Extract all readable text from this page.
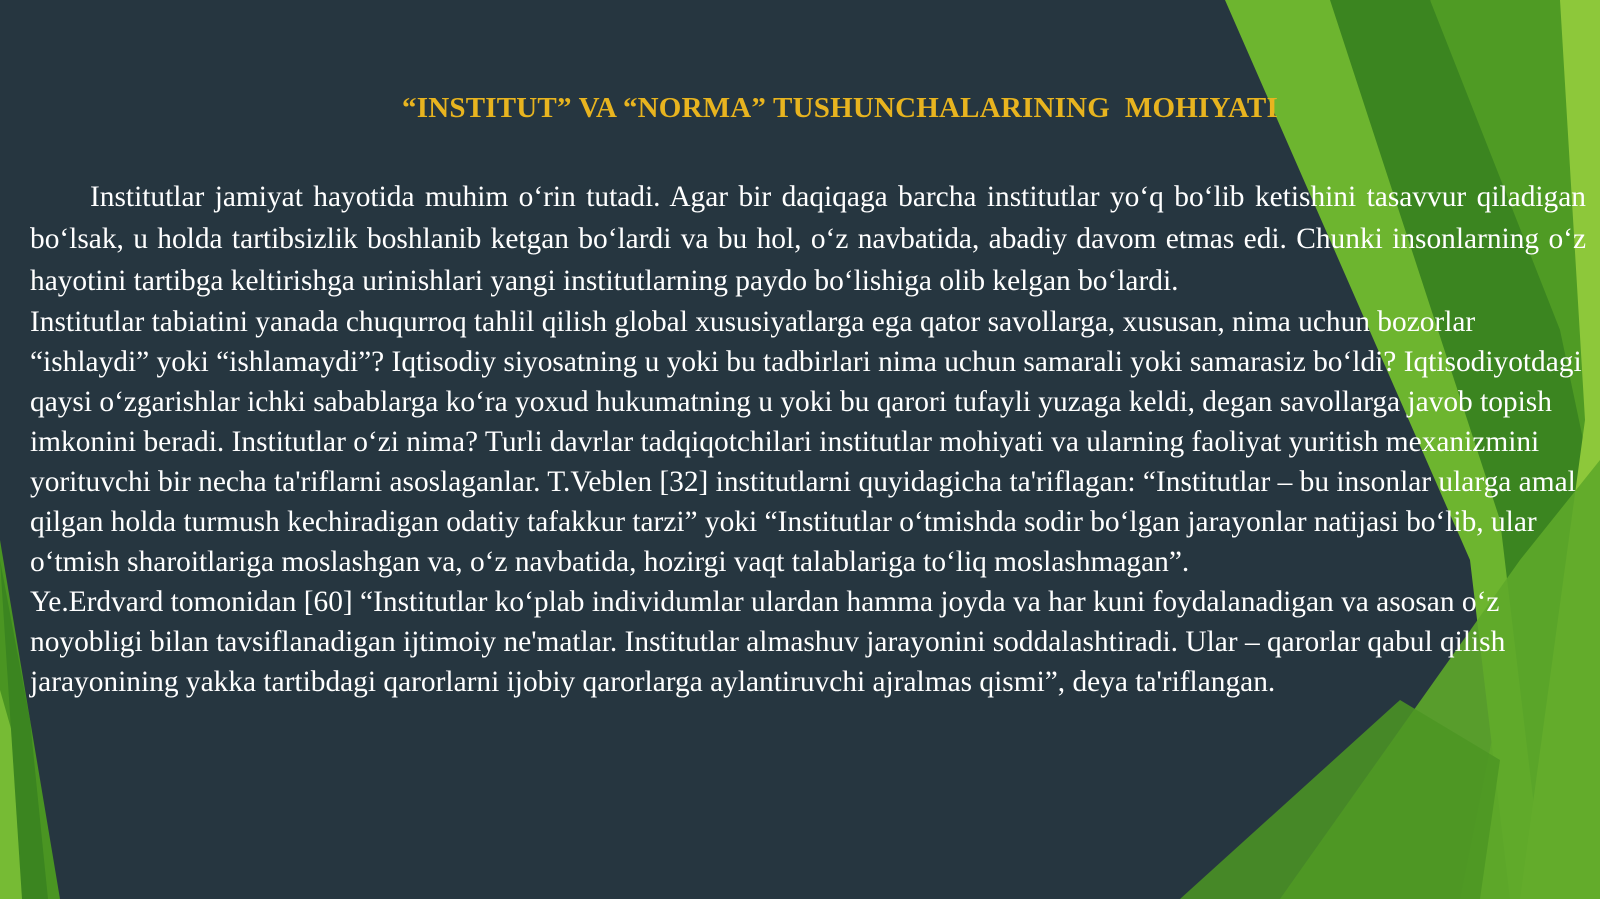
“INSTITUT” VA “NORMA” TUSHUNCHALARINING  MOHIYATI

Institutlar jamiyat hayotida muhim o‘rin tutadi. Agar bir daqiqaga barcha institutlar yo‘q bo‘lib ketishini tasavvur qiladigan bo‘lsak, u holda tartibsizlik boshlanib ketgan bo‘lardi va bu hol, o‘z navbatida, abadiy davom etmas edi. Chunki insonlarning o‘z hayotini tartibga keltirishga urinishlari yangi institutlarning paydo bo‘lishiga olib kelgan bo‘lardi.

Institutlar tabiatini yanada chuqurroq tahlil qilish global xususiyatlarga ega qator savollarga, xususan, nima uchun bozorlar “ishlaydi” yoki “ishlamaydi”? Iqtisodiy siyosatning u yoki bu tadbirlari nima uchun samarali yoki samarasiz bo‘ldi? Iqtisodiyotdagi qaysi o‘zgarishlar ichki sabablarga ko‘ra yoxud hukumatning u yoki bu qarori tufayli yuzaga keldi, degan savollarga javob topish imkonini beradi. Institutlar o‘zi nima? Turli davrlar tadqiqotchilari institutlar mohiyati va ularning faoliyat yuritish mexanizmini yorituvchi bir necha ta'riflarni asoslaganlar. T.Veblen [32] institutlarni quyidagicha ta'riflagan: “Institutlar – bu insonlar ularga amal qilgan holda turmush kechiradigan odatiy tafakkur tarzi” yoki “Institutlar o‘tmishda sodir bo‘lgan jarayonlar natijasi bo‘lib, ular o‘tmish sharoitlariga moslashgan va, o‘z navbatida, hozirgi vaqt talablariga to‘liq moslashmagan”.

Ye.Erdvard tomonidan [60] “Institutlar ko‘plab individumlar ulardan hamma joyda va har kuni foydalanadigan va asosan o‘z noyobligi bilan tavsiflanadigan ijtimoiy ne'matlar. Institutlar almashuv jarayonini soddalashtiradi. Ular – qarorlar qabul qilish jarayonining yakka tartibdagi qarorlarni ijobiy qarorlarga aylantiruvchi ajralmas qismi”, deya ta'riflangan.
